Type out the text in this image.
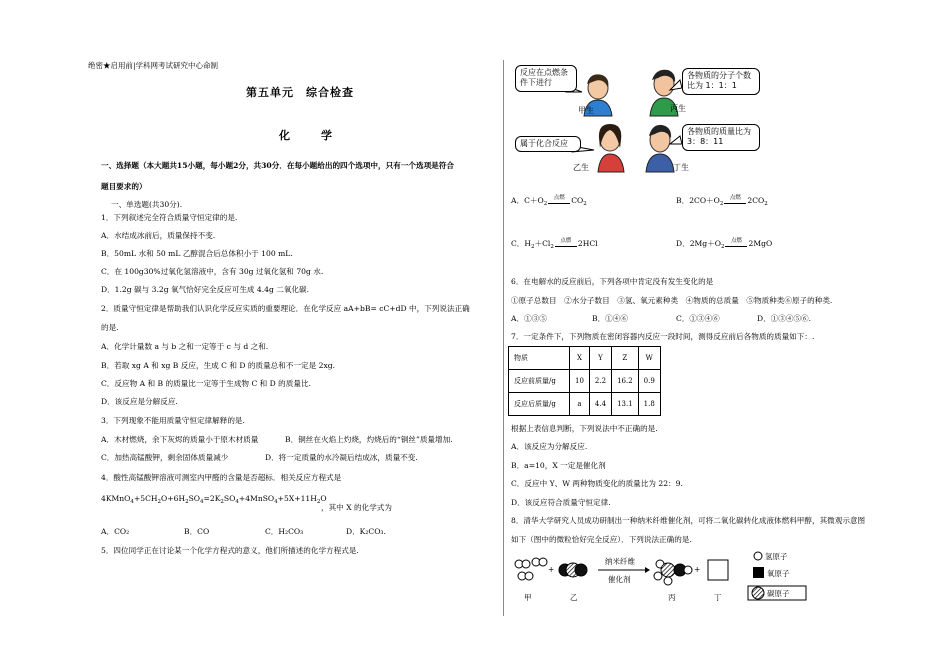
绝密★启用前|学科网考试研究中心命制
第五单元　综合检查
化　学
一、选择题（本大题共15小题，每小题2分，共30分．在每小题给出的四个选项中，只有一个选项是符合
题目要求的）
一、单选题(共30分).
1．下列叙述完全符合质量守恒定律的是.
A．水结成冰前后，质量保持不变.
B．50mL 水和 50 mL 乙醇混合后总体积小于 100 mL.
C．在 100g30%过氧化氢溶液中，含有 30g 过氧化氢和 70g 水.
D．1.2g 碳与 3.2g 氧气恰好完全反应可生成 4.4g 二氧化碳.
2．质量守恒定律是帮助我们认识化学反应实质的重要理论．在化学反应 aA+bB= cC+dD 中，下列说法正确
的是.
A．化学计量数 a 与 b 之和一定等于 c 与 d 之和.
B．若取 xg A 和 xg B 反应，生成 C 和 D 的质量总和不一定是 2xg.
C．反应物 A 和 B 的质量比一定等于生成物 C 和 D 的质量比.
D．该反应是分解反应.
3．下列现象不能用质量守恒定律解释的是.
A．木材燃烧，余下灰烬的质量小于原木材质量	B．铜丝在火焰上灼烧，灼烧后的“铜丝”质量增加.
C．加热高锰酸钾，剩余固体质量减少	D．将一定质量的水冷凝后结成冰，质量不变.
4．酸性高锰酸钾溶液可测室内甲醛的含量是否超标．相关反应方程式是
$4KMnO_4+5CH_2O+6H_2SO_4=2K_2SO_4+4MnSO_4+5X+11H_2O$
，其中 X 的化学式为
A．CO₂	B．CO	C．H₂CO₃	D．K₂CO₃.
5．四位同学正在讨论某一个化学方程式的意义，他们所描述的化学方程式是.
反应在点燃条件下进行
各物质的分子个数比为 1：1：1
属于化合反应
各物质的质量比为 3：8：11
甲生	丙生
乙生	丁生
A．$C+O_2$
点燃 $CO_2$	B．$2CO+O_2$
点燃 $2CO_2$
C．$H_2+Cl_2$
点燃 2HCl	D．$2Mg+O_2$
点燃 2MgO
6．在电解水的反应前后，下列各项中肯定没有发生变化的是
①原子总数目　②水分子数目　③氢、氧元素种类　④物质的总质量　⑤物质种类⑥原子的种类.
A．①③⑤	B．①④⑥	C．①③④⑥	D．①③④⑤⑥.
7．一定条件下，下列物质在密闭容器内反应一段时间，测得反应前后各物质的质量如下：.
物质	X	Y	Z	W
反应前质量/g	10	2.2	16.2	0.9
反应后质量/g	a	4.4	13.1	1.8
根据上表信息判断，下列说法中不正确的是.
A．该反应为分解反应.
B．a=10，X 一定是催化剂
C．反应中 Y、W 两种物质变化的质量比为 22：9.
D．该反应符合质量守恒定律.
8．清华大学研究人员成功研制出一种纳米纤维催化剂，可将二氧化碳转化成液体燃料甲醇，其微观示意图
如下（图中的微粒恰好完全反应）．下列说法正确的是.
+	+
纳米纤维
催化剂
氢原子
氧原子
碳原子
甲	乙	丙	丁
